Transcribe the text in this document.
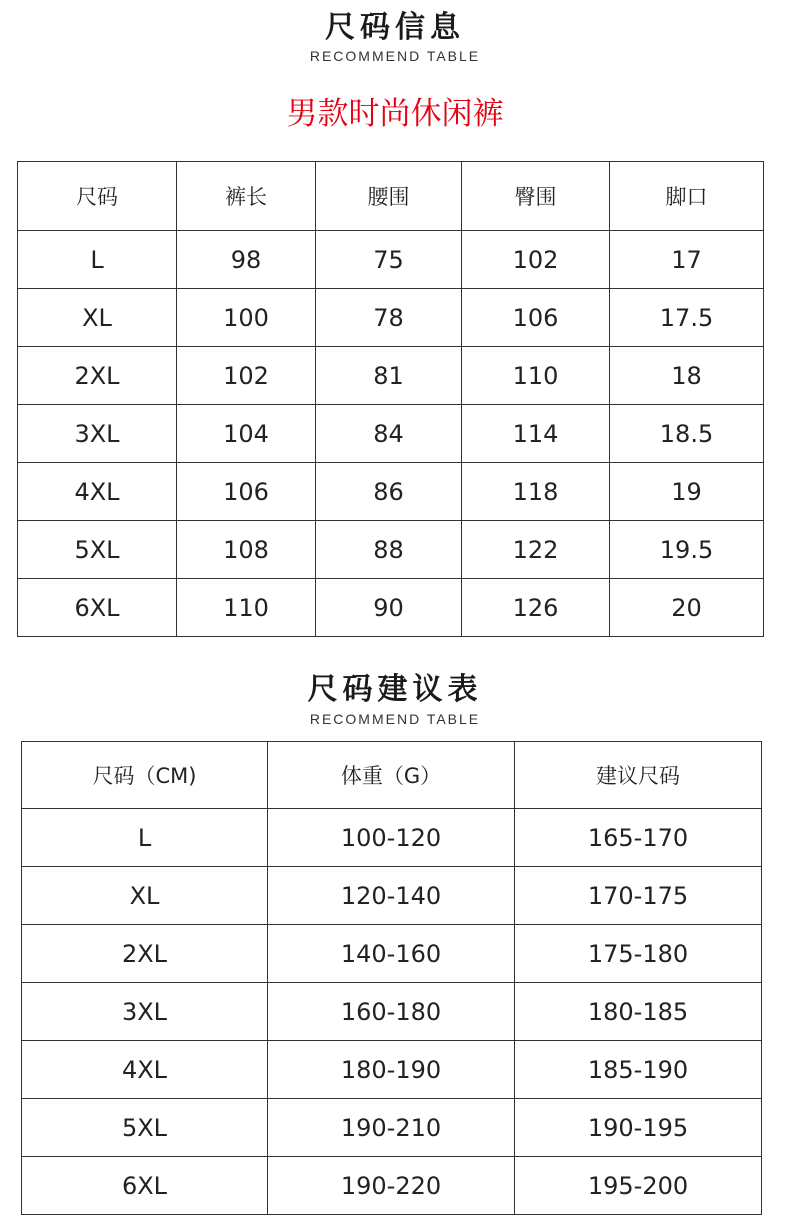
尺码信息
RECOMMEND TABLE
男款时尚休闲裤
尺码	裤长	腰围	臀围	脚口
L	98	75	102	17
XL	100	78	106	17.5
2XL	102	81	110	18
3XL	104	84	114	18.5
4XL	106	86	118	19
5XL	108	88	122	19.5
6XL	110	90	126	20
尺码建议表
RECOMMEND TABLE
尺码（CM)	体重（G）	建议尺码
L	100-120	165-170
XL	120-140	170-175
2XL	140-160	175-180
3XL	160-180	180-185
4XL	180-190	185-190
5XL	190-210	190-195
6XL	190-220	195-200
